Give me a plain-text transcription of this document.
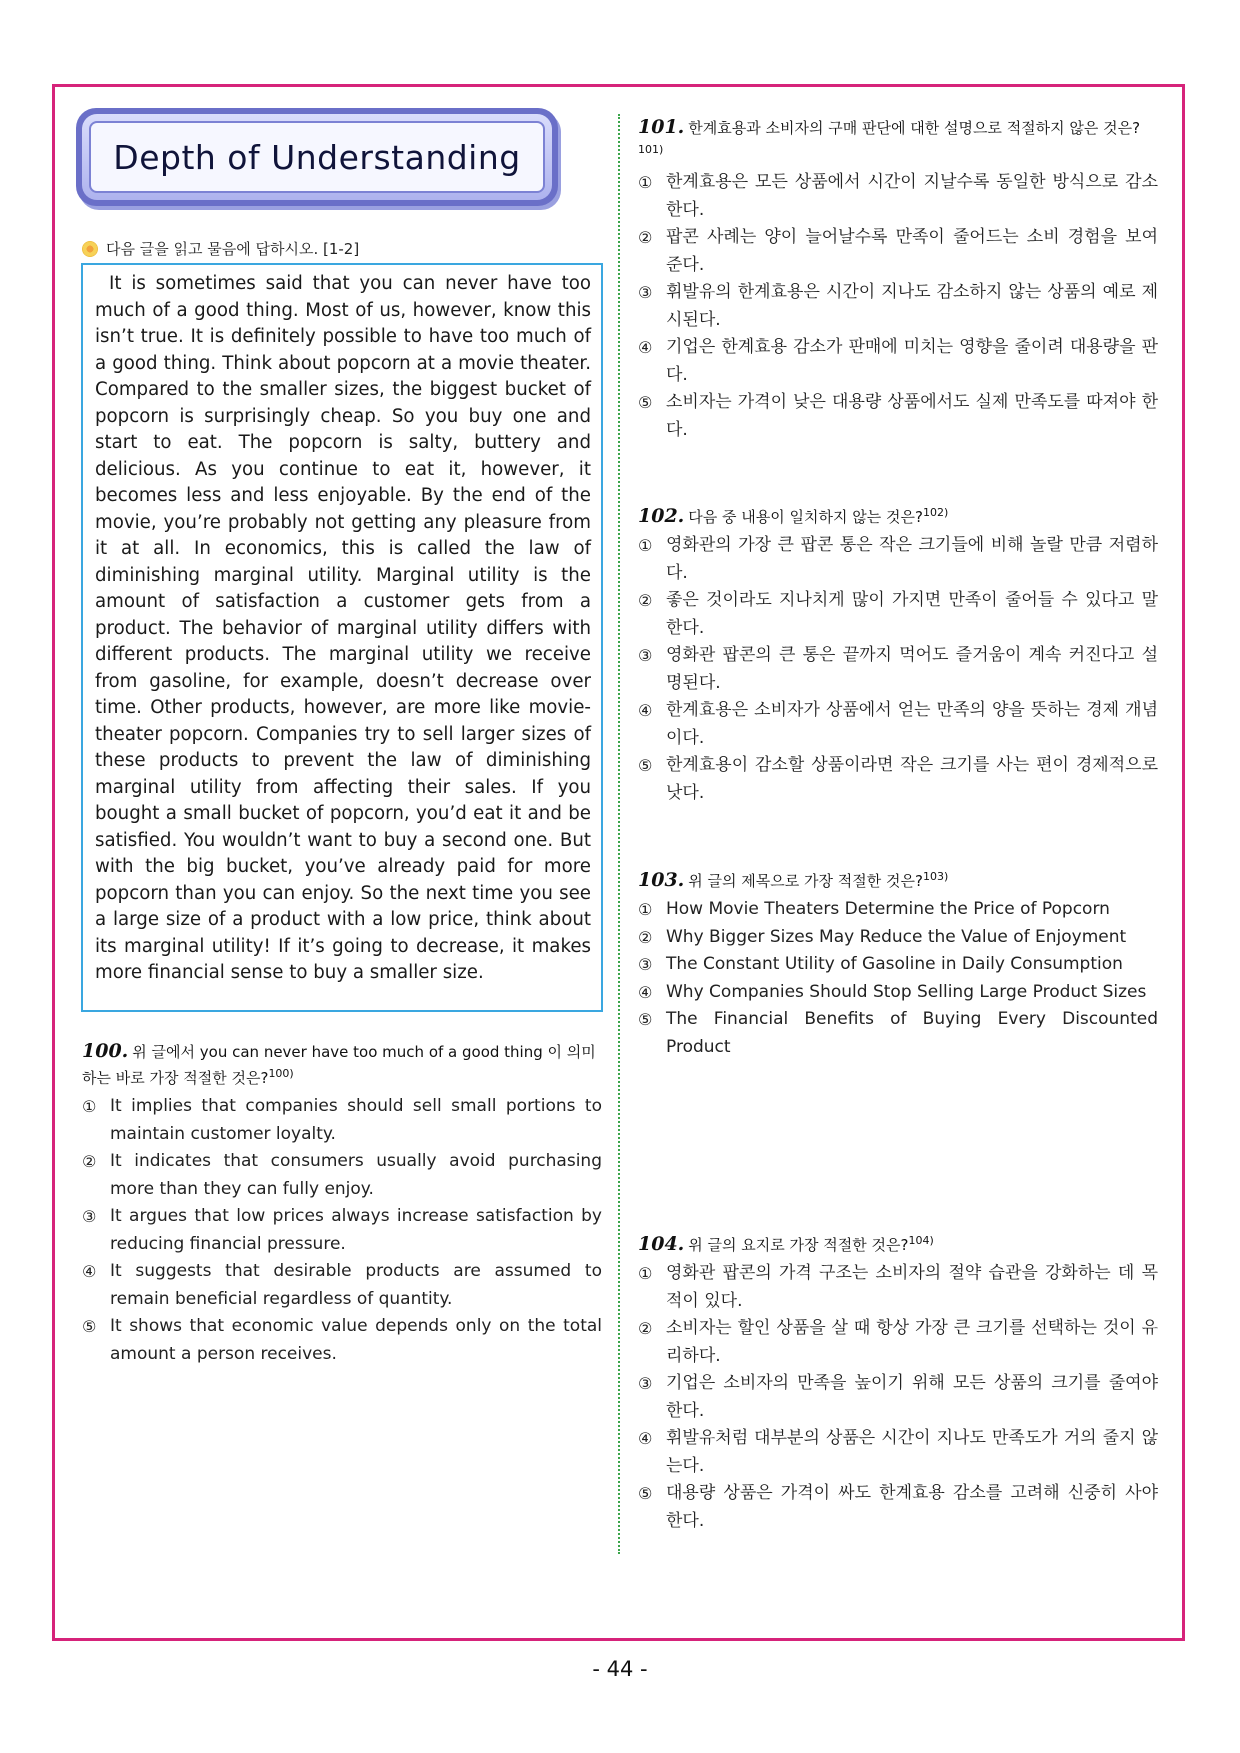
Depth of Understanding
다음 글을 읽고 물음에 답하시오. [1-2]

It is sometimes said that you can never have too much of a good thing. Most of us, however, know this isn’t true. It is definitely possible to have too much of a good thing. Think about popcorn at a movie theater. Compared to the smaller sizes, the biggest bucket of popcorn is surprisingly cheap. So you buy one and start to eat. The popcorn is salty, buttery and delicious. As you continue to eat it, however, it becomes less and less enjoyable. By the end of the movie, you’re probably not getting any pleasure from it at all. In economics, this is called the law of diminishing marginal utility. Marginal utility is the amount of satisfaction a customer gets from a product. The behavior of marginal utility differs with different products. The marginal utility we receive from gasoline, for example, doesn’t decrease over time. Other products, however, are more like movie-theater popcorn. Companies try to sell larger sizes of these products to prevent the law of diminishing marginal utility from affecting their sales. If you bought a small bucket of popcorn, you’d eat it and be satisfied. You wouldn’t want to buy a second one. But with the big bucket, you’ve already paid for more popcorn than you can enjoy. So the next time you see a large size of a product with a low price, think about its marginal utility! If it’s going to decrease, it makes more financial sense to buy a smaller size.

100. 위 글에서 you can never have too much of a good thing 이 의미하는 바로 가장 적절한 것은?$^{100)}$
① It implies that companies should sell small portions to maintain customer loyalty.
② It indicates that consumers usually avoid purchasing more than they can fully enjoy.
③ It argues that low prices always increase satisfaction by reducing financial pressure.
④ It suggests that desirable products are assumed to remain beneficial regardless of quantity.
⑤ It shows that economic value depends only on the total amount a person receives.
101. 한계효용과 소비자의 구매 판단에 대한 설명으로 적절하지 않은 것은?$^{101)}$
① 한계효용은 모든 상품에서 시간이 지날수록 동일한 방식으로 감소한다.
② 팝콘 사례는 양이 늘어날수록 만족이 줄어드는 소비 경험을 보여 준다.
③ 휘발유의 한계효용은 시간이 지나도 감소하지 않는 상품의 예로 제시된다.
④ 기업은 한계효용 감소가 판매에 미치는 영향을 줄이려 대용량을 판다.
⑤ 소비자는 가격이 낮은 대용량 상품에서도 실제 만족도를 따져야 한다.
102. 다음 중 내용이 일치하지 않는 것은?$^{102)}$
① 영화관의 가장 큰 팝콘 통은 작은 크기들에 비해 놀랄 만큼 저렴하다.
② 좋은 것이라도 지나치게 많이 가지면 만족이 줄어들 수 있다고 말한다.
③ 영화관 팝콘의 큰 통은 끝까지 먹어도 즐거움이 계속 커진다고 설명된다.
④ 한계효용은 소비자가 상품에서 얻는 만족의 양을 뜻하는 경제 개념이다.
⑤ 한계효용이 감소할 상품이라면 작은 크기를 사는 편이 경제적으로 낫다.
103. 위 글의 제목으로 가장 적절한 것은?$^{103)}$
① How Movie Theaters Determine the Price of Popcorn
② Why Bigger Sizes May Reduce the Value of Enjoyment
③ The Constant Utility of Gasoline in Daily Consumption
④ Why Companies Should Stop Selling Large Product Sizes
⑤ The Financial Benefits of Buying Every Discounted Product
104. 위 글의 요지로 가장 적절한 것은?$^{104)}$
① 영화관 팝콘의 가격 구조는 소비자의 절약 습관을 강화하는 데 목적이 있다.
② 소비자는 할인 상품을 살 때 항상 가장 큰 크기를 선택하는 것이 유리하다.
③ 기업은 소비자의 만족을 높이기 위해 모든 상품의 크기를 줄여야 한다.
④ 휘발유처럼 대부분의 상품은 시간이 지나도 만족도가 거의 줄지 않는다.
⑤ 대용량 상품은 가격이 싸도 한계효용 감소를 고려해 신중히 사야 한다.
- 44 -
